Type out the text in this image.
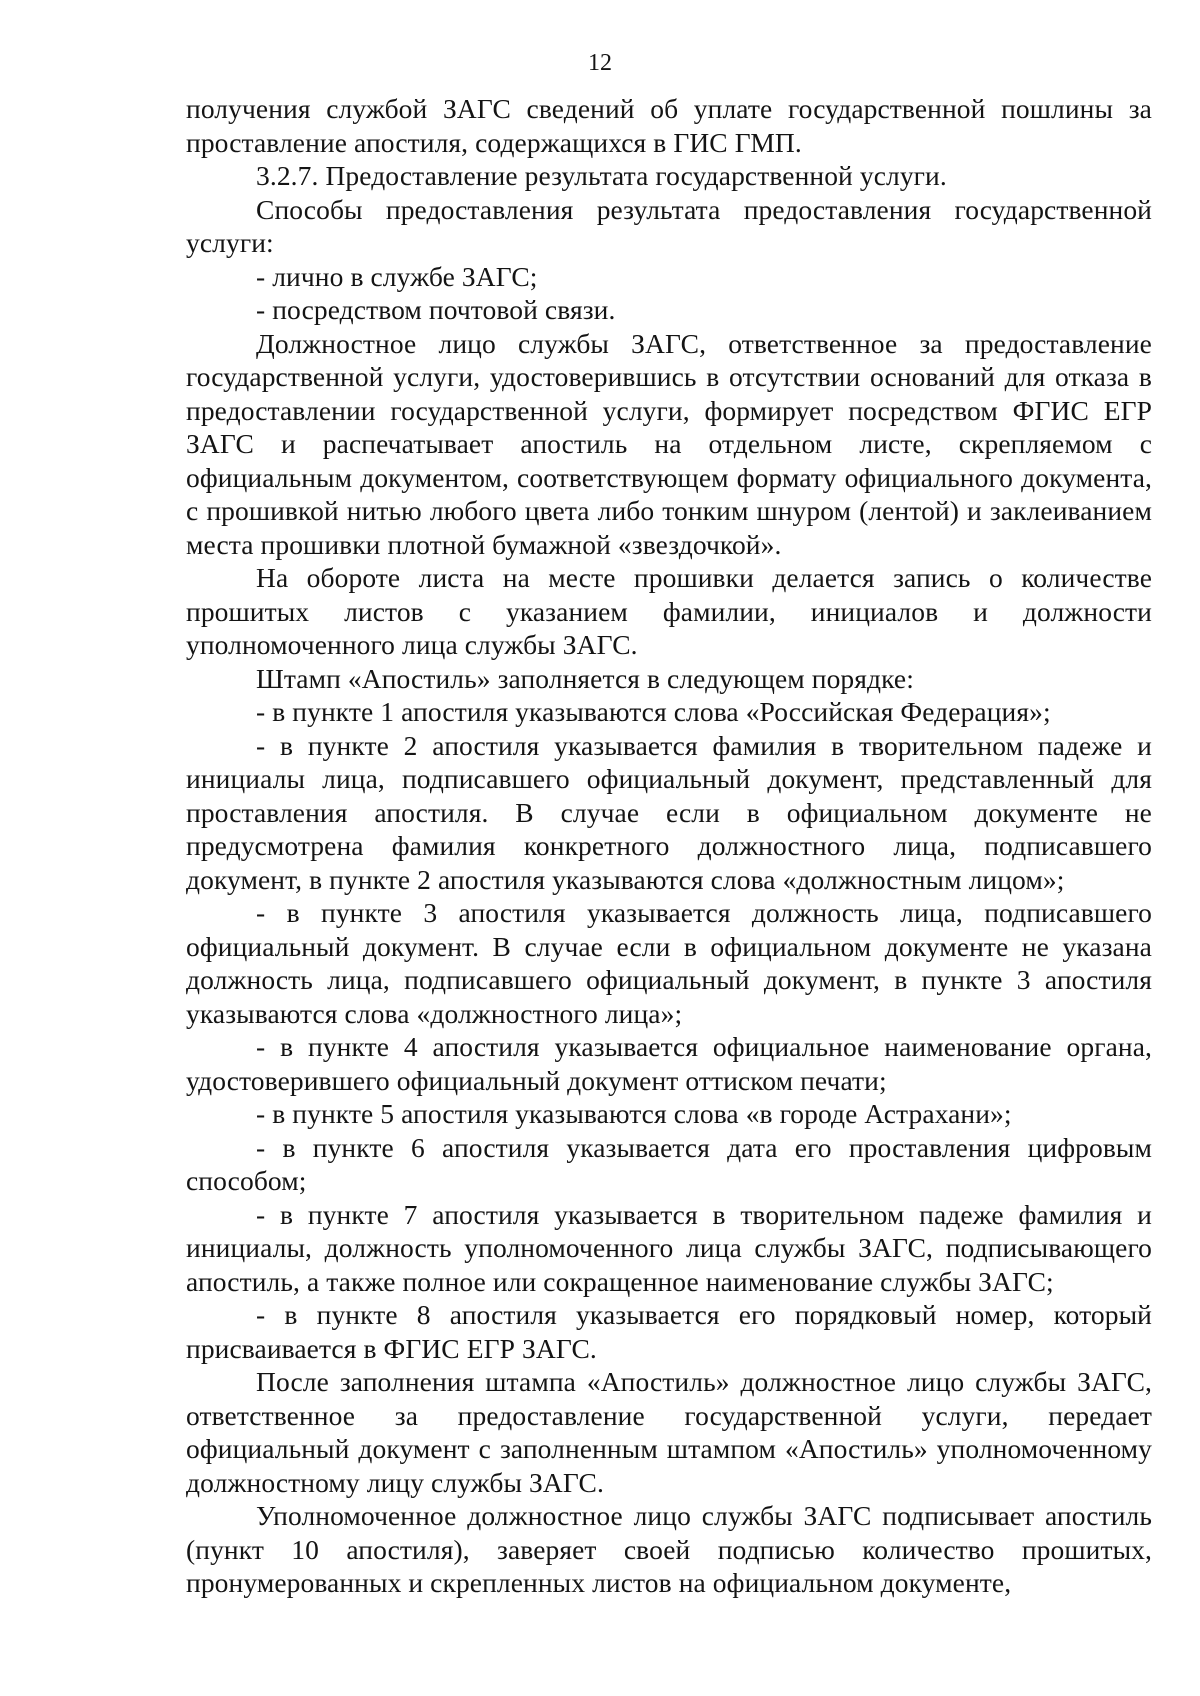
12

получения службой ЗАГС сведений об уплате государственной пошлины за проставление апостиля, содержащихся в ГИС ГМП.

3.2.7. Предоставление результата государственной услуги.

Способы предоставления результата предоставления государственной услуги:

- лично в службе ЗАГС;

- посредством почтовой связи.

Должностное лицо службы ЗАГС, ответственное за предоставление государственной услуги, удостоверившись в отсутствии оснований для отказа в предоставлении государственной услуги, формирует посредством ФГИС ЕГР ЗАГС и распечатывает апостиль на отдельном листе, скрепляемом с официальным документом, соответствующем формату официального документа, с прошивкой нитью любого цвета либо тонким шнуром (лентой) и заклеиванием места прошивки плотной бумажной «звездочкой».

На обороте листа на месте прошивки делается запись о количестве прошитых листов с указанием фамилии, инициалов и должности уполномоченного лица службы ЗАГС.

Штамп «Апостиль» заполняется в следующем порядке:

- в пункте 1 апостиля указываются слова «Российская Федерация»;

- в пункте 2 апостиля указывается фамилия в творительном падеже и инициалы лица, подписавшего официальный документ, представленный для проставления апостиля. В случае если в официальном документе не предусмотрена фамилия конкретного должностного лица, подписавшего документ, в пункте 2 апостиля указываются слова «должностным лицом»;

- в пункте 3 апостиля указывается должность лица, подписавшего официальный документ. В случае если в официальном документе не указана должность лица, подписавшего официальный документ, в пункте 3 апостиля указываются слова «должностного лица»;

- в пункте 4 апостиля указывается официальное наименование органа, удостоверившего официальный документ оттиском печати;

- в пункте 5 апостиля указываются слова «в городе Астрахани»;

- в пункте 6 апостиля указывается дата его проставления цифровым способом;

- в пункте 7 апостиля указывается в творительном падеже фамилия и инициалы, должность уполномоченного лица службы ЗАГС, подписывающего апостиль, а также полное или сокращенное наименование службы ЗАГС;

- в пункте 8 апостиля указывается его порядковый номер, который присваивается в ФГИС ЕГР ЗАГС.

После заполнения штампа «Апостиль» должностное лицо службы ЗАГС, ответственное за предоставление государственной услуги, передает официальный документ с заполненным штампом «Апостиль» уполномоченному должностному лицу службы ЗАГС.

Уполномоченное должностное лицо службы ЗАГС подписывает апостиль (пункт 10 апостиля), заверяет своей подписью количество прошитых, пронумерованных и скрепленных листов на официальном документе,
